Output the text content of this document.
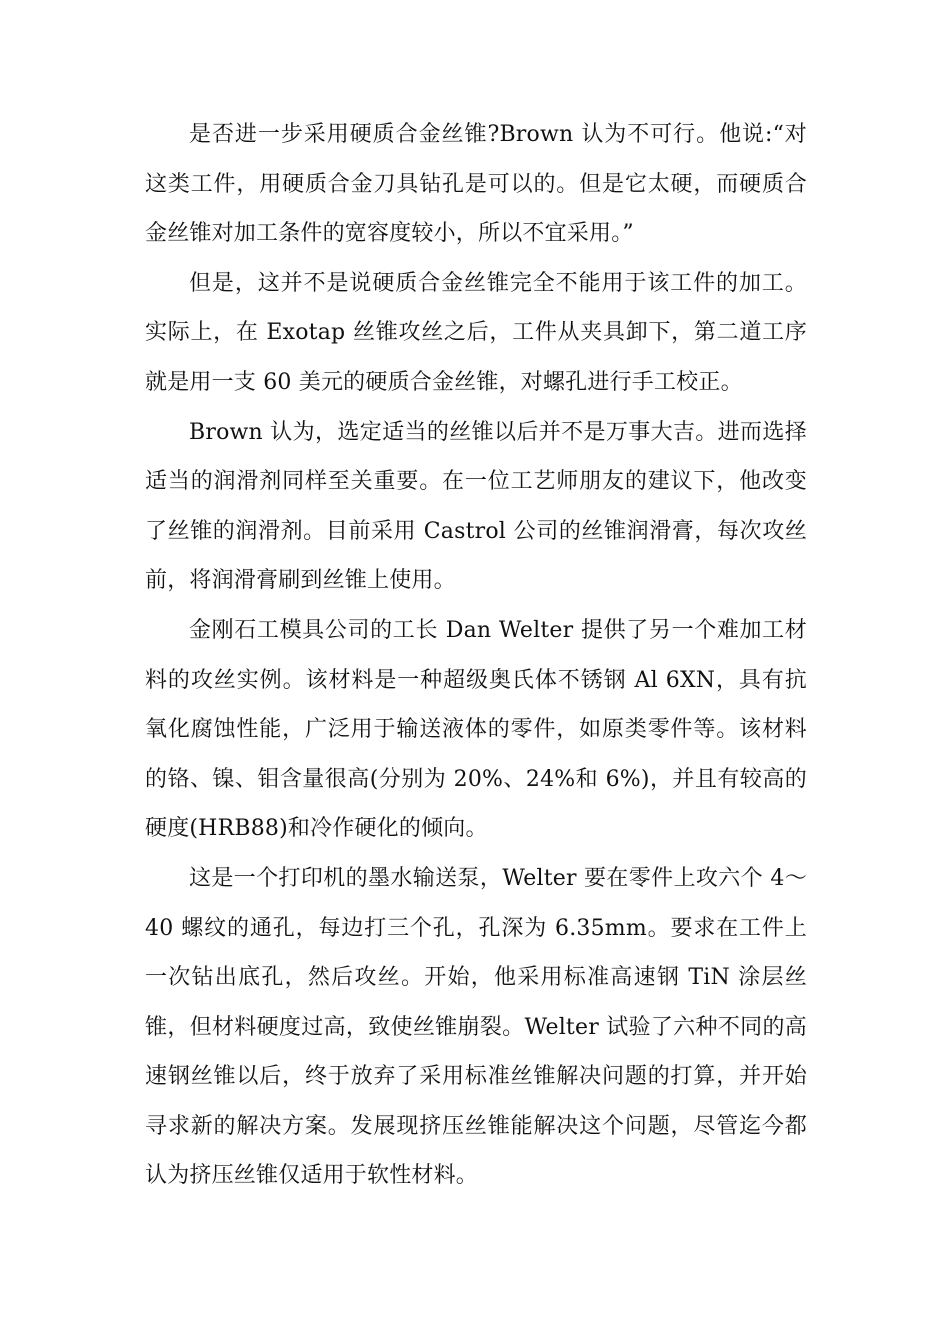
是否进一步采用硬质合金丝锥?Brown 认为不可行。他说:“对这类工件，用硬质合金刀具钻孔是可以的。但是它太硬，而硬质合金丝锥对加工条件的宽容度较小，所以不宜采用。”

但是，这并不是说硬质合金丝锥完全不能用于该工件的加工。实际上，在 Exotap 丝锥攻丝之后，工件从夹具卸下，第二道工序就是用一支 60 美元的硬质合金丝锥，对螺孔进行手工校正。

Brown 认为，选定适当的丝锥以后并不是万事大吉。进而选择适当的润滑剂同样至关重要。在一位工艺师朋友的建议下，他改变了丝锥的润滑剂。目前采用 Castrol 公司的丝锥润滑膏，每次攻丝前，将润滑膏刷到丝锥上使用。

金刚石工模具公司的工长 Dan Welter 提供了另一个难加工材料的攻丝实例。该材料是一种超级奥氏体不锈钢 Al 6XN，具有抗氧化腐蚀性能，广泛用于输送液体的零件，如原类零件等。该材料的铬、镍、钼含量很高(分别为 20%、24%和 6%)，并且有较高的硬度(HRB88)和冷作硬化的倾向。

这是一个打印机的墨水输送泵，Welter 要在零件上攻六个 4～40 螺纹的通孔，每边打三个孔，孔深为 6.35mm。要求在工件上一次钻出底孔，然后攻丝。开始，他采用标准高速钢 TiN 涂层丝锥，但材料硬度过高，致使丝锥崩裂。Welter 试验了六种不同的高速钢丝锥以后，终于放弃了采用标准丝锥解决问题的打算，并开始寻求新的解决方案。发展现挤压丝锥能解决这个问题，尽管迄今都认为挤压丝锥仅适用于软性材料。
